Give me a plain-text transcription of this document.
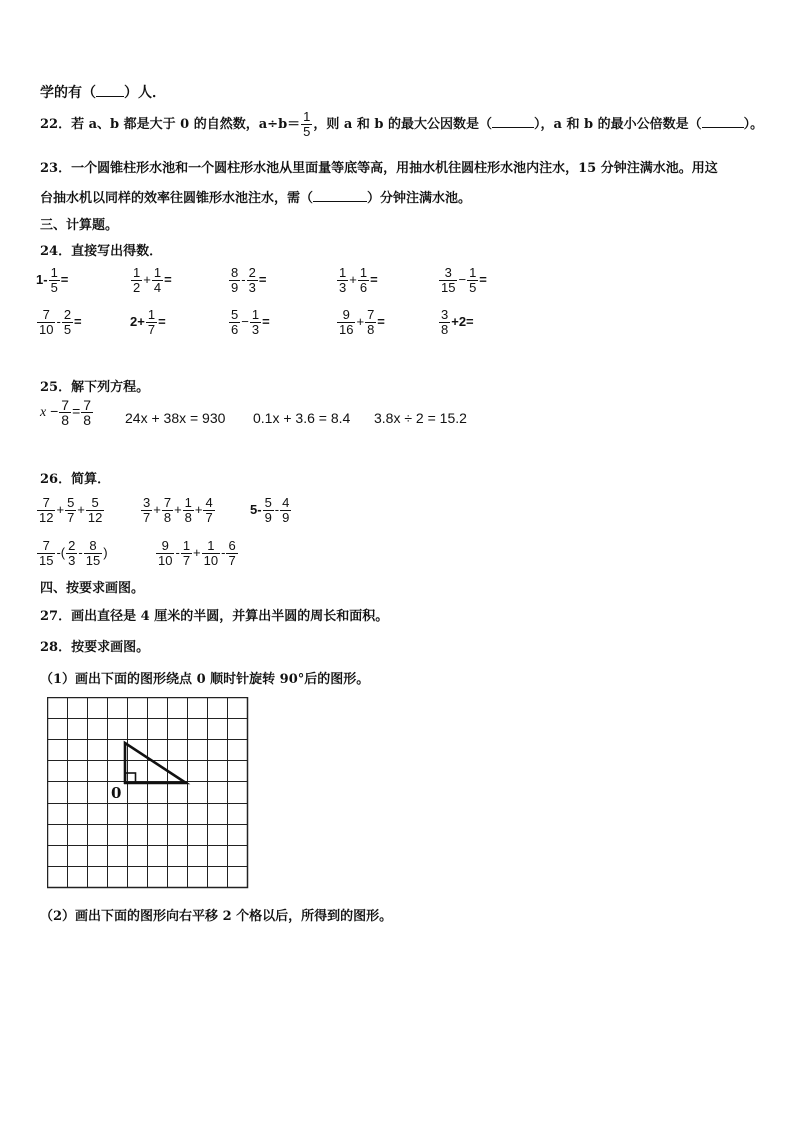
学的有（ ）人．
22．若 a、b 都是大于 0 的自然数，$a\div b= \frac{1}{5}$ ，则 a 和 b 的最大公因数是（	），a 和 b 的最小公倍数是（	）。
23．一个圆锥柱形水池和一个圆柱形水池从里面量等底等高，用抽水机往圆柱形水池内注水，15 分钟注满水池。用这
台抽水机以同样的效率往圆锥形水池注水，需（	）分钟注满水池。
三、计算题。
24．直接写出得数．
$1- \frac{1}{5}$ =	$\frac{1}{2} + \frac{1}{4}$ =	$\frac{8}{9} - \frac{2}{3}$ =	$\frac{1}{3} + \frac{1}{6}$ =	$\frac{3}{15} - \frac{1}{5}$ =
$\frac{7}{10} - \frac{2}{5}$ =	$2+ \frac{1}{7}$ =	$\frac{5}{6} - \frac{1}{3}$ =	$\frac{9}{16} + \frac{7}{8}$ =	$\frac{3}{8} +2=$
25．解下列方程。
$x - \frac{7}{8} = \frac{7}{8} 24x + 38x = 930$ 0.1x + 3.6 = 8.4 3.8x ÷ 2 = 15.2
26．简算．
$\frac{7}{12} + \frac{5}{7} + \frac{5}{12}$	$\frac{3}{7} + \frac{7}{8} + \frac{1}{8} + \frac{4}{7}$	$5- \frac{5}{9} - \frac{4}{9}$
$\frac{7}{15}$ -( $\frac{2}{3} - \frac{8}{15}$ )	$\frac{9}{10} - \frac{1}{7} + \frac{1}{10} - \frac{6}{7}$
四、按要求画图。
27．画出直径是 4 厘米的半圆，并算出半圆的周长和面积。
28．按要求画图。
（1）画出下面的图形绕点 0 顺时针旋转 90°后的图形。
0
（2）画出下面的图形向右平移 2 个格以后，所得到的图形。
